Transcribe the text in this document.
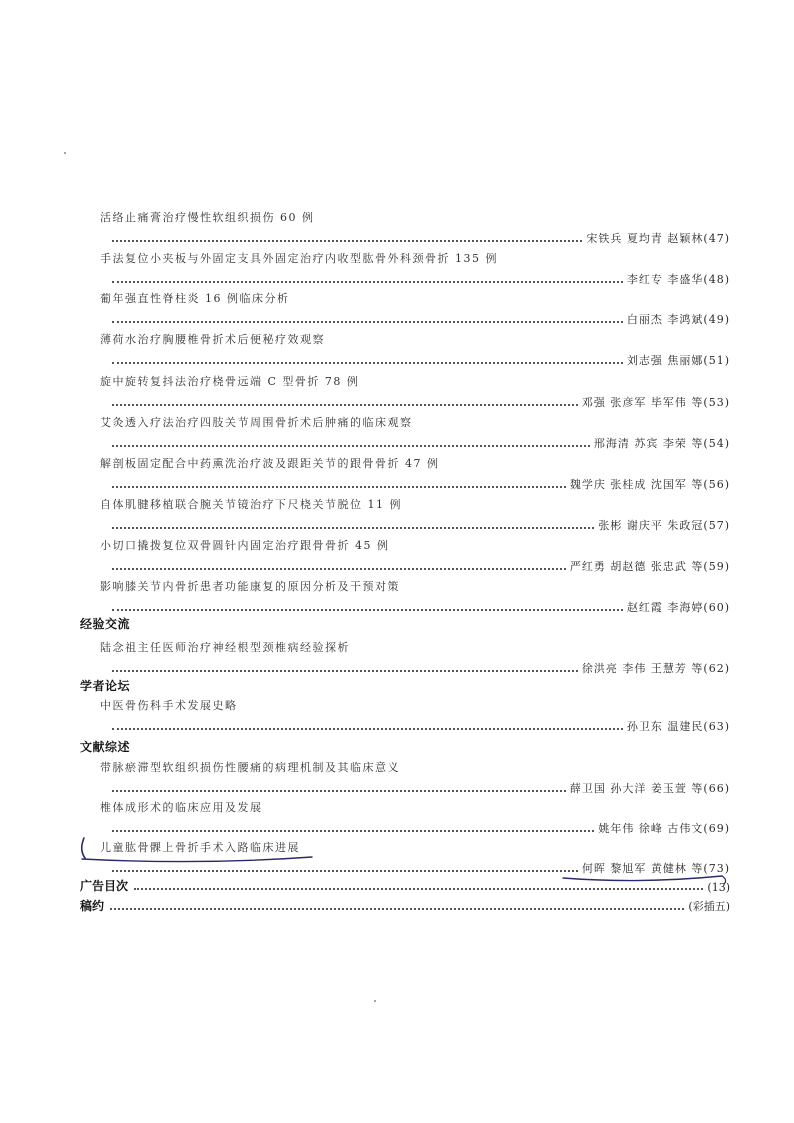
活络止痛膏治疗慢性软组织损伤 60 例
宋铁兵 夏均青 赵颖林(47)
手法复位小夹板与外固定支具外固定治疗内收型肱骨外科颈骨折 135 例
李红专 李盛华(48)
葡年强直性脊柱炎 16 例临床分析
白丽杰 李鸿斌(49)
薄荷水治疗胸腰椎骨折术后便秘疗效观察
刘志强 焦丽娜(51)
旋中旋转复抖法治疗桡骨远端 C 型骨折 78 例
邓强 张彦军 毕军伟 等(53)
艾灸透入疗法治疗四肢关节周围骨折术后肿痛的临床观察
邢海清 苏宾 李荣 等(54)
解剖板固定配合中药熏洗治疗波及跟距关节的跟骨骨折 47 例
魏学庆 张桂成 沈国军 等(56)
自体肌腱移植联合腕关节镜治疗下尺桡关节脱位 11 例
张彬 谢庆平 朱政冠(57)
小切口撬拨复位双骨圆针内固定治疗跟骨骨折 45 例
严红勇 胡赵德 张忠武 等(59)
影响膝关节内骨折患者功能康复的原因分析及干预对策
赵红霞 李海婷(60)
经验交流
陆念祖主任医师治疗神经根型颈椎病经验探析
徐洪亮 李伟 王慧芳 等(62)
学者论坛
中医骨伤科手术发展史略
孙卫东 温建民(63)
文献综述
带脉瘀滞型软组织损伤性腰痛的病理机制及其临床意义
薛卫国 孙大洋 姜玉萱 等(66)
椎体成形术的临床应用及发展
姚年伟 徐峰 古伟文(69)
儿童肱骨髁上骨折手术入路临床进展
何晖 黎旭军 黄健林 等(73)
广告目次	(13)
稿约	(彩插五)
